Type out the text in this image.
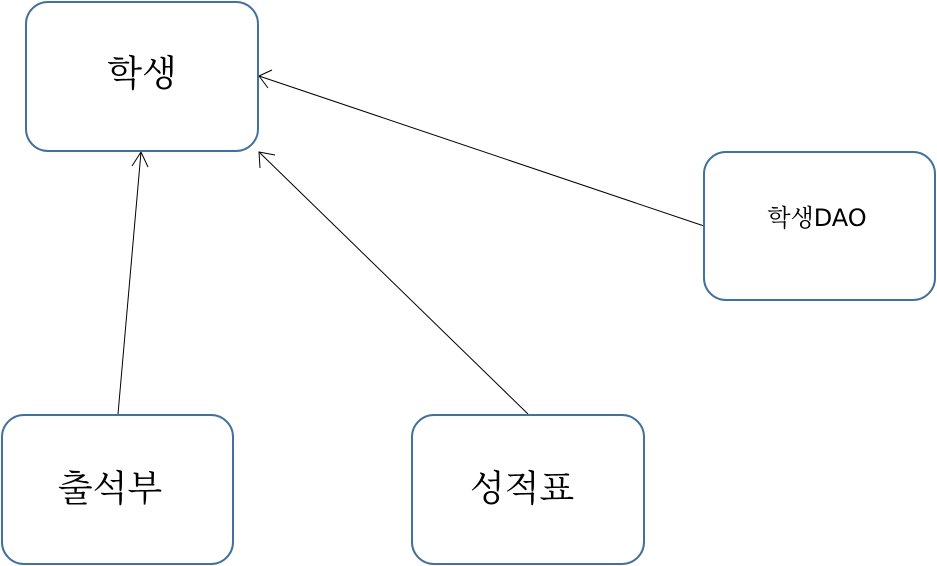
학생
학생DAO
출석부	성적표
